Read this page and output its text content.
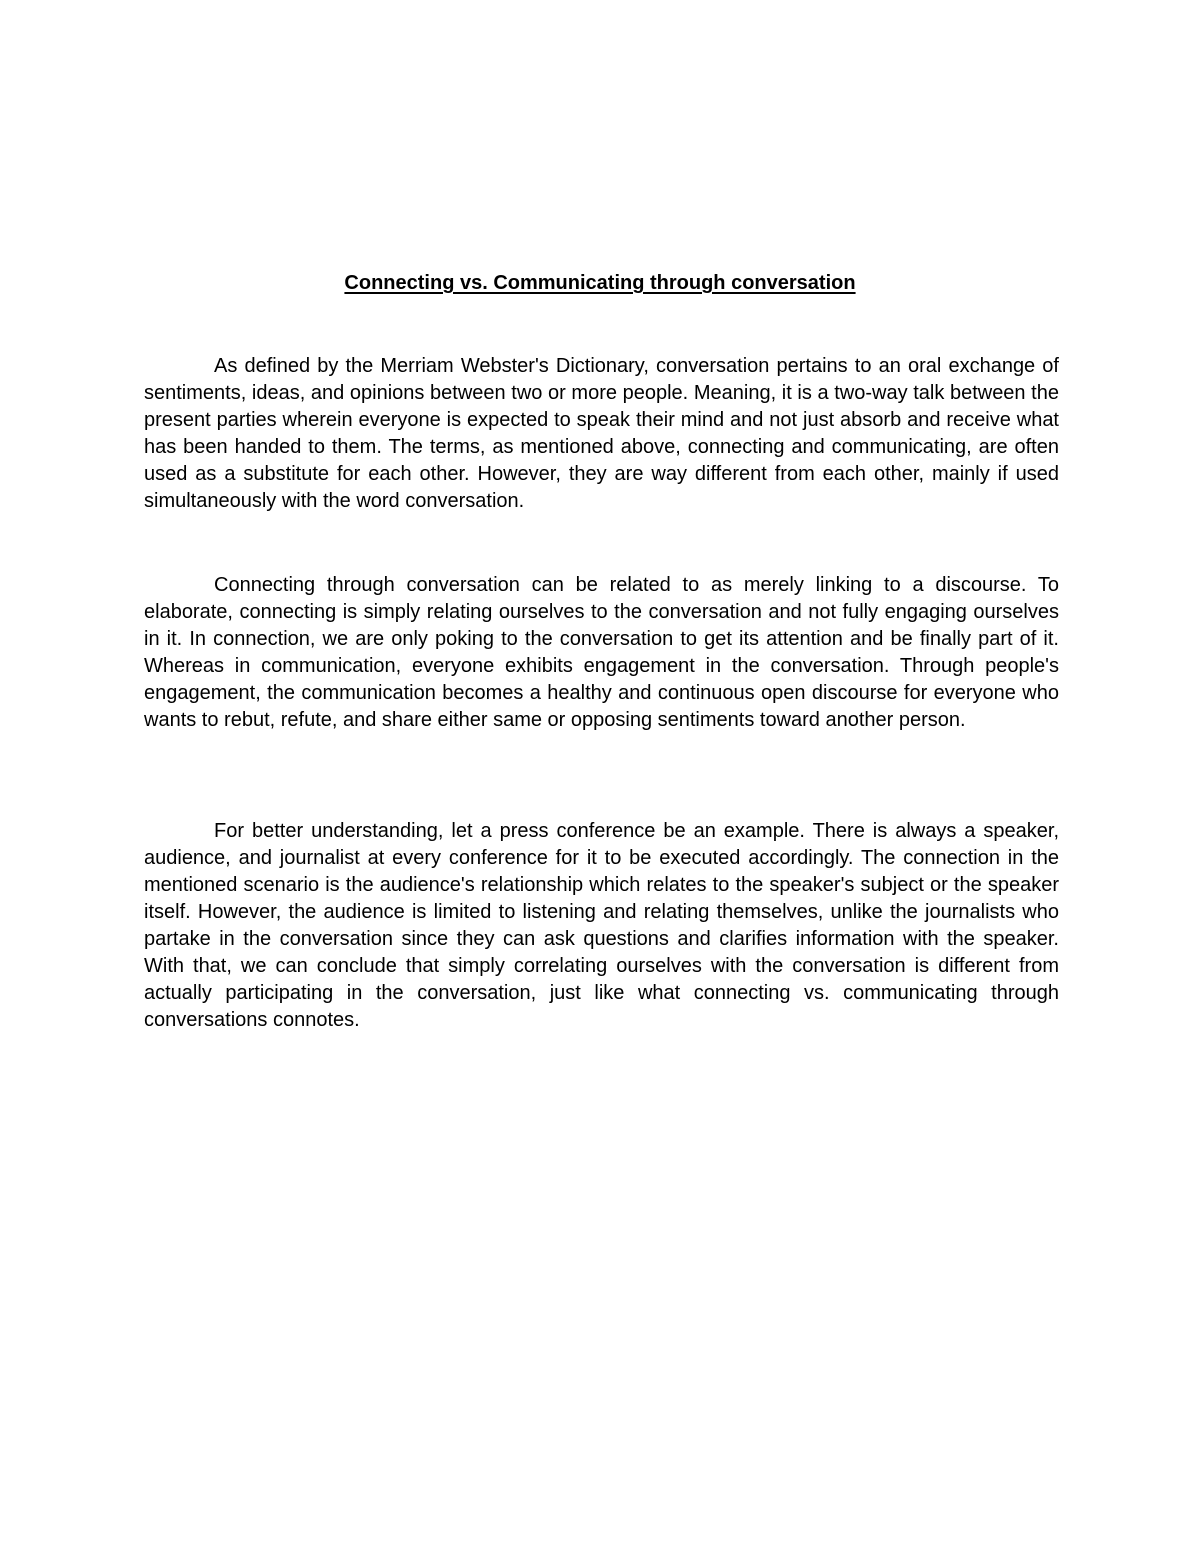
Connecting vs. Communicating through conversation

As defined by the Merriam Webster's Dictionary, conversation pertains to an oral exchange of sentiments, ideas, and opinions between two or more people. Meaning, it is a two-way talk between the present parties wherein everyone is expected to speak their mind and not just absorb and receive what has been handed to them. The terms, as mentioned above, connecting and communicating, are often used as a substitute for each other. However, they are way different from each other, mainly if used simultaneously with the word conversation.

Connecting through conversation can be related to as merely linking to a discourse. To elaborate, connecting is simply relating ourselves to the conversation and not fully engaging ourselves in it. In connection, we are only poking to the conversation to get its attention and be finally part of it. Whereas in communication, everyone exhibits engagement in the conversation. Through people's engagement, the communication becomes a healthy and continuous open discourse for everyone who wants to rebut, refute, and share either same or opposing sentiments toward another person.

For better understanding, let a press conference be an example. There is always a speaker, audience, and journalist at every conference for it to be executed accordingly. The connection in the mentioned scenario is the audience's relationship which relates to the speaker's subject or the speaker itself. However, the audience is limited to listening and relating themselves, unlike the journalists who partake in the conversation since they can ask questions and clarifies information with the speaker. With that, we can conclude that simply correlating ourselves with the conversation is different from actually participating in the conversation, just like what connecting vs. communicating through conversations connotes.
